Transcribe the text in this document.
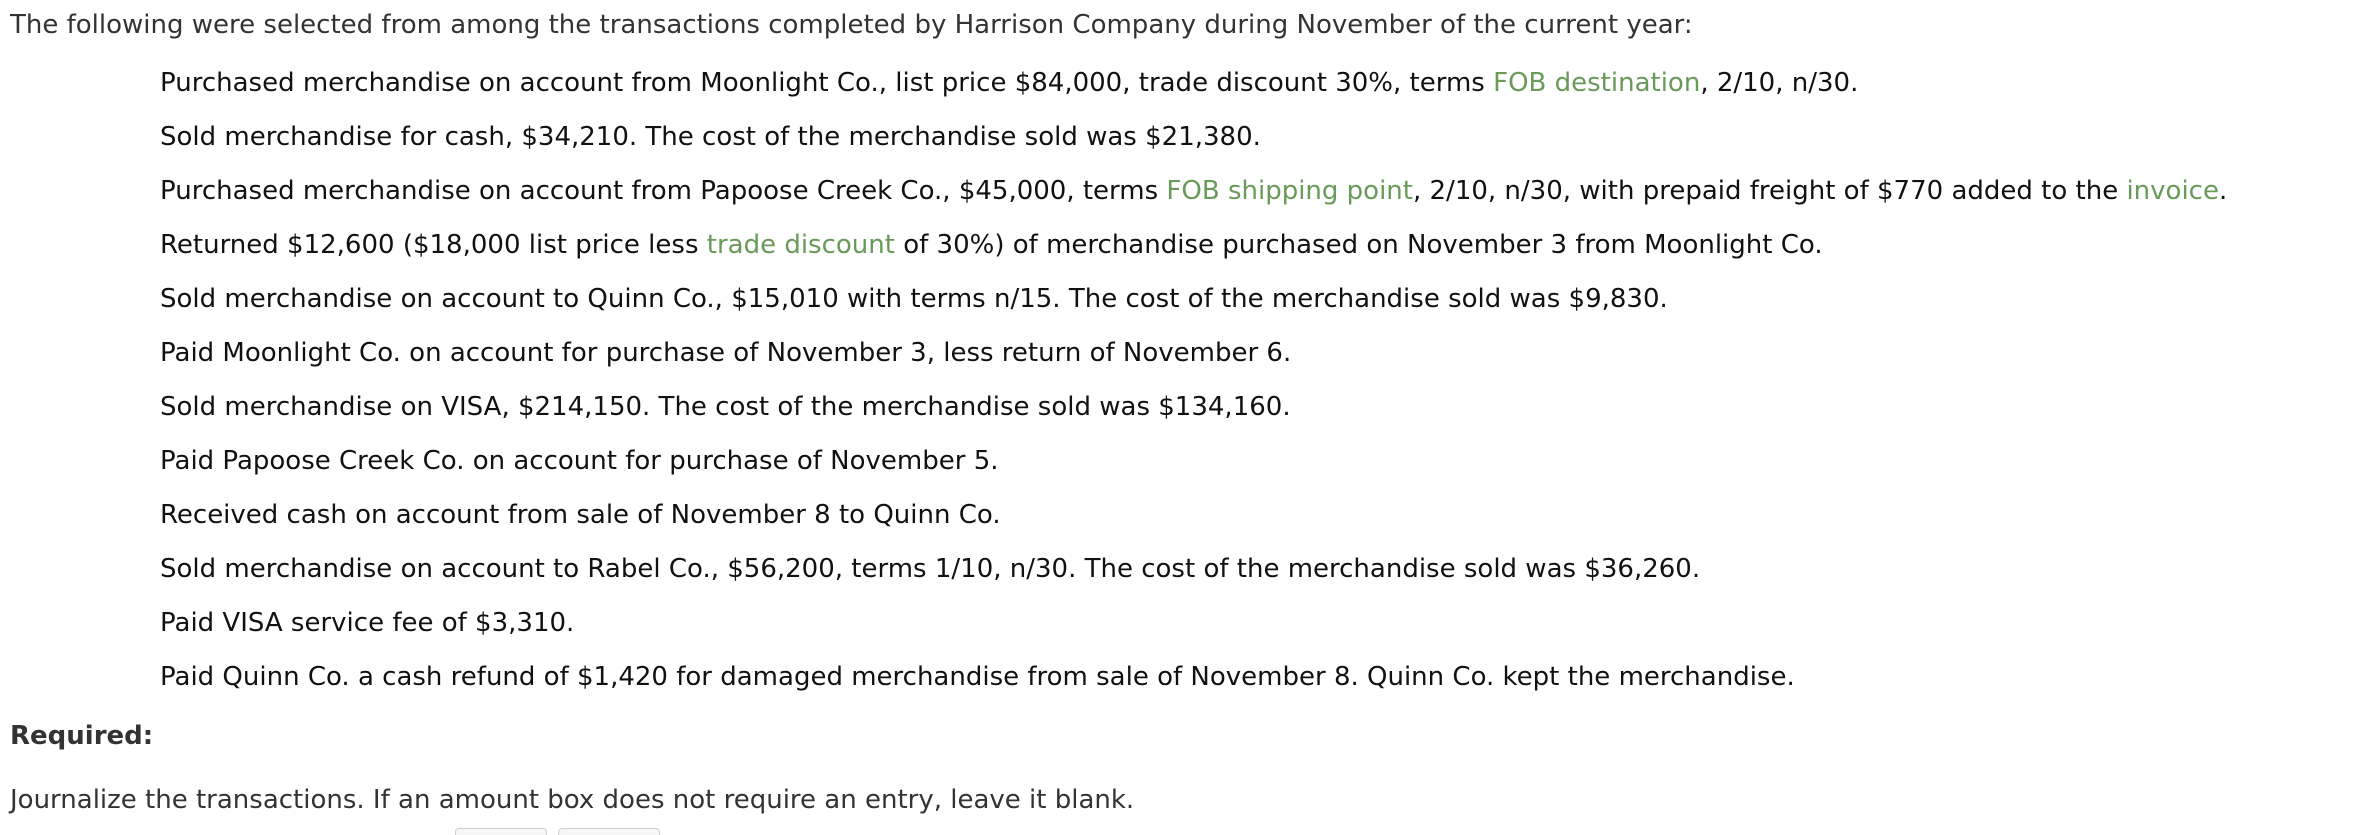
The following were selected from among the transactions completed by Harrison Company during November of the current year:
Purchased merchandise on account from Moonlight Co., list price $84,000, trade discount 30%, terms FOB destination, 2/10, n/30.
Sold merchandise for cash, $34,210. The cost of the merchandise sold was $21,380.
Purchased merchandise on account from Papoose Creek Co., $45,000, terms FOB shipping point, 2/10, n/30, with prepaid freight of $770 added to the invoice.
Returned $12,600 ($18,000 list price less trade discount of 30%) of merchandise purchased on November 3 from Moonlight Co.
Sold merchandise on account to Quinn Co., $15,010 with terms n/15. The cost of the merchandise sold was $9,830.
Paid Moonlight Co. on account for purchase of November 3, less return of November 6.
Sold merchandise on VISA, $214,150. The cost of the merchandise sold was $134,160.
Paid Papoose Creek Co. on account for purchase of November 5.
Received cash on account from sale of November 8 to Quinn Co.
Sold merchandise on account to Rabel Co., $56,200, terms 1/10, n/30. The cost of the merchandise sold was $36,260.
Paid VISA service fee of $3,310.
Paid Quinn Co. a cash refund of $1,420 for damaged merchandise from sale of November 8. Quinn Co. kept the merchandise.
Required:
Journalize the transactions. If an amount box does not require an entry, leave it blank.
